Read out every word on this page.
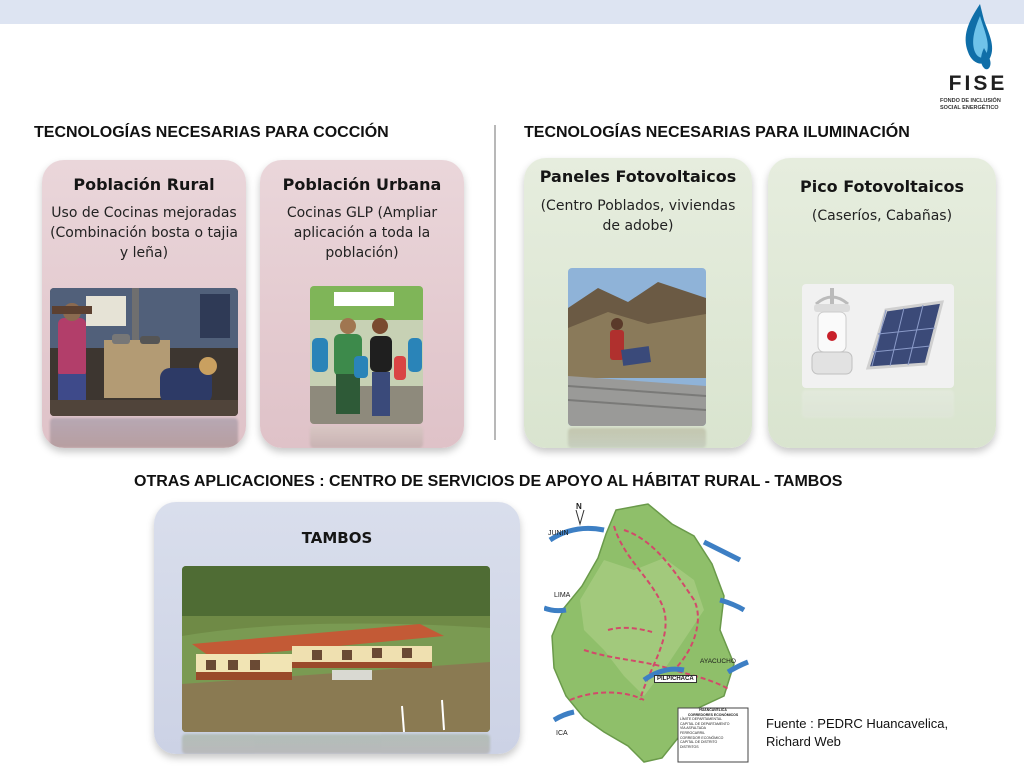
FISE
FONDO DE INCLUSIÓN SOCIAL ENERGÉTICO
TECNOLOGÍAS NECESARIAS PARA COCCIÓN	TECNOLOGÍAS NECESARIAS PARA ILUMINACIÓN
Población Rural
Uso de Cocinas mejoradas (Combinación bosta o tajia y leña)
Población Urbana
Cocinas GLP (Ampliar aplicación a toda la población)
Paneles Fotovoltaicos
(Centro Poblados, viviendas de adobe)
Pico Fotovoltaicos
(Caseríos, Cabañas)
OTRAS APLICACIONES : CENTRO DE SERVICIOS DE APOYO AL HÁBITAT RURAL - TAMBOS
TAMBOS
N
JUNIN
LIMA
ICA
AYACUCHO
PILPICHACA
HUANCAVELICA
CORREDORES ECONÓMICOS
LÍMITE DEPARTAMENTAL
CAPITAL DE DEPARTAMENTO
VÍA ASFALTADA
FERROCARRIL
CORREDOR ECONÓMICO
CAPITAL DE DISTRITO
DISTRITOS
Fuente : PEDRC Huancavelica,
Richard Web
